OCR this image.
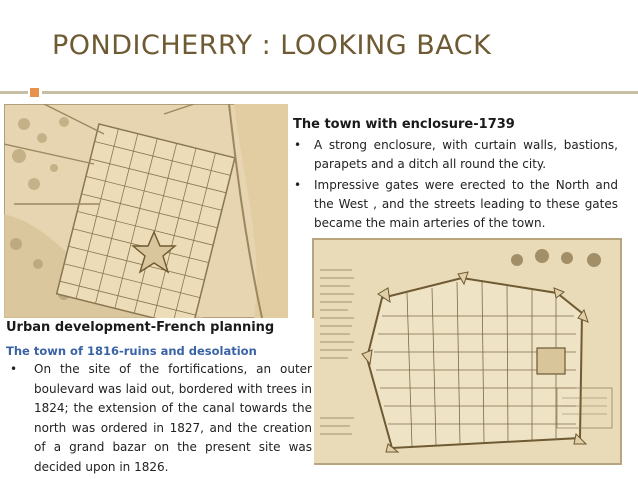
PONDICHERRY : LOOKING BACK
The town with enclosure-1739
• A strong enclosure, with curtain walls, bastions, parapets and a ditch all round the city.
• Impressive gates were erected to the North and the West , and the streets leading to these gates became the main arteries of the town.
Urban development-French planning
The town of 1816-ruins and desolation
• On the site of the fortifications, an outer boulevard was laid out, bordered with trees in 1824; the extension of the canal towards the north was ordered in 1827, and the creation of a grand bazar on the present site was decided upon in 1826.
